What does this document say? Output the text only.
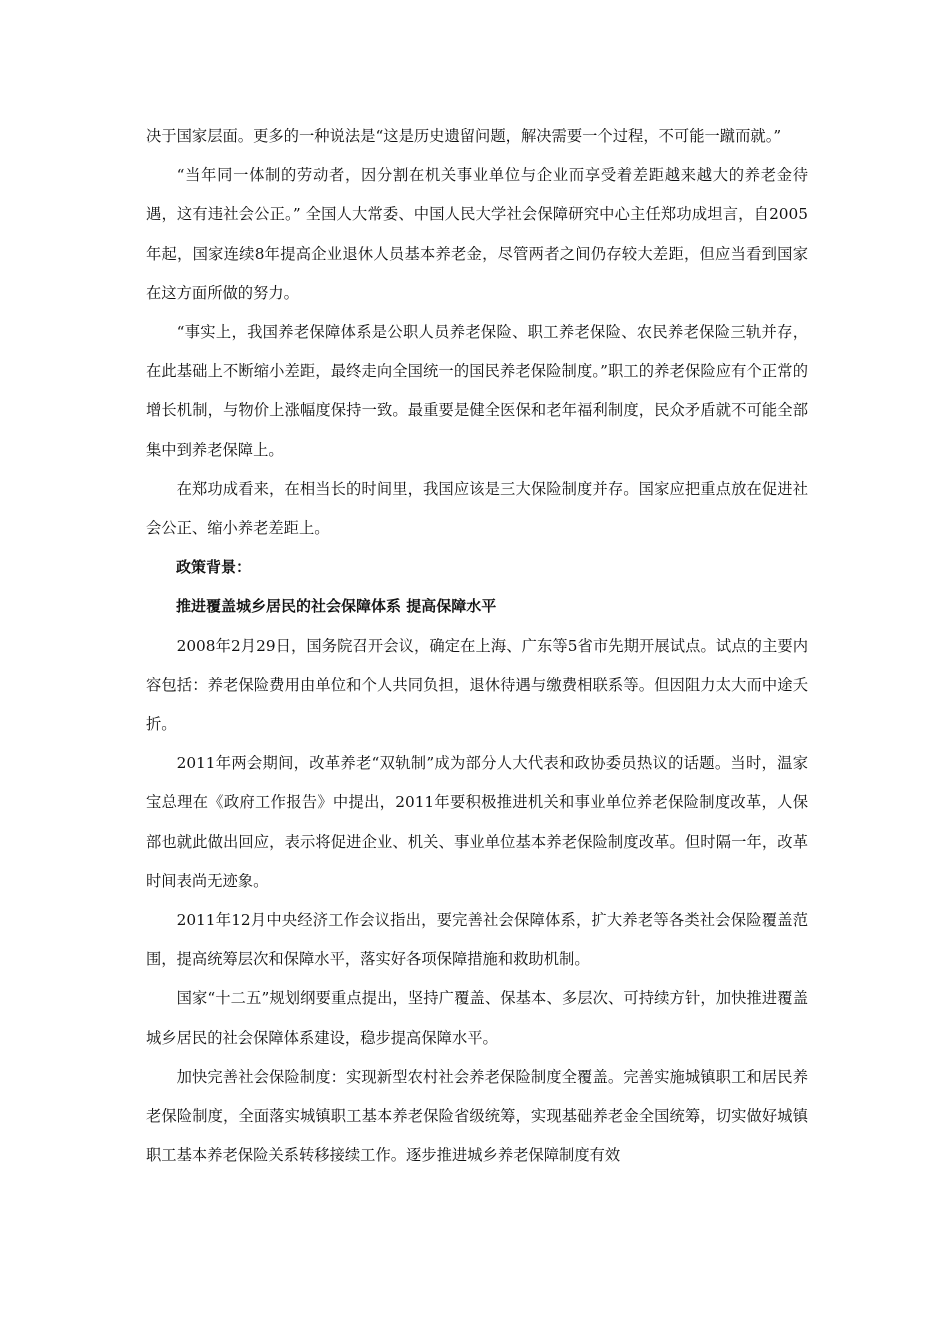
决于国家层面。更多的一种说法是“这是历史遗留问题，解决需要一个过程，不可能一蹴而就。”

“当年同一体制的劳动者，因分割在机关事业单位与企业而享受着差距越来越大的养老金待遇，这有违社会公正。” 全国人大常委、中国人民大学社会保障研究中心主任郑功成坦言，自2005年起，国家连续8年提高企业退休人员基本养老金，尽管两者之间仍存较大差距，但应当看到国家在这方面所做的努力。

“事实上，我国养老保障体系是公职人员养老保险、职工养老保险、农民养老保险三轨并存，在此基础上不断缩小差距，最终走向全国统一的国民养老保险制度。”职工的养老保险应有个正常的增长机制，与物价上涨幅度保持一致。最重要是健全医保和老年福利制度，民众矛盾就不可能全部集中到养老保障上。

在郑功成看来，在相当长的时间里，我国应该是三大保险制度并存。国家应把重点放在促进社会公正、缩小养老差距上。

政策背景：

推进覆盖城乡居民的社会保障体系 提高保障水平

2008年2月29日，国务院召开会议，确定在上海、广东等5省市先期开展试点。试点的主要内容包括：养老保险费用由单位和个人共同负担，退休待遇与缴费相联系等。但因阻力太大而中途夭折。

2011年两会期间，改革养老“双轨制”成为部分人大代表和政协委员热议的话题。当时，温家宝总理在《政府工作报告》中提出，2011年要积极推进机关和事业单位养老保险制度改革，人保部也就此做出回应，表示将促进企业、机关、事业单位基本养老保险制度改革。但时隔一年，改革时间表尚无迹象。

2011年12月中央经济工作会议指出，要完善社会保障体系，扩大养老等各类社会保险覆盖范围，提高统筹层次和保障水平，落实好各项保障措施和救助机制。

国家“十二五”规划纲要重点提出，坚持广覆盖、保基本、多层次、可持续方针，加快推进覆盖城乡居民的社会保障体系建设，稳步提高保障水平。

加快完善社会保险制度：实现新型农村社会养老保险制度全覆盖。完善实施城镇职工和居民养老保险制度，全面落实城镇职工基本养老保险省级统筹，实现基础养老金全国统筹，切实做好城镇职工基本养老保险关系转移接续工作。逐步推进城乡养老保障制度有效
